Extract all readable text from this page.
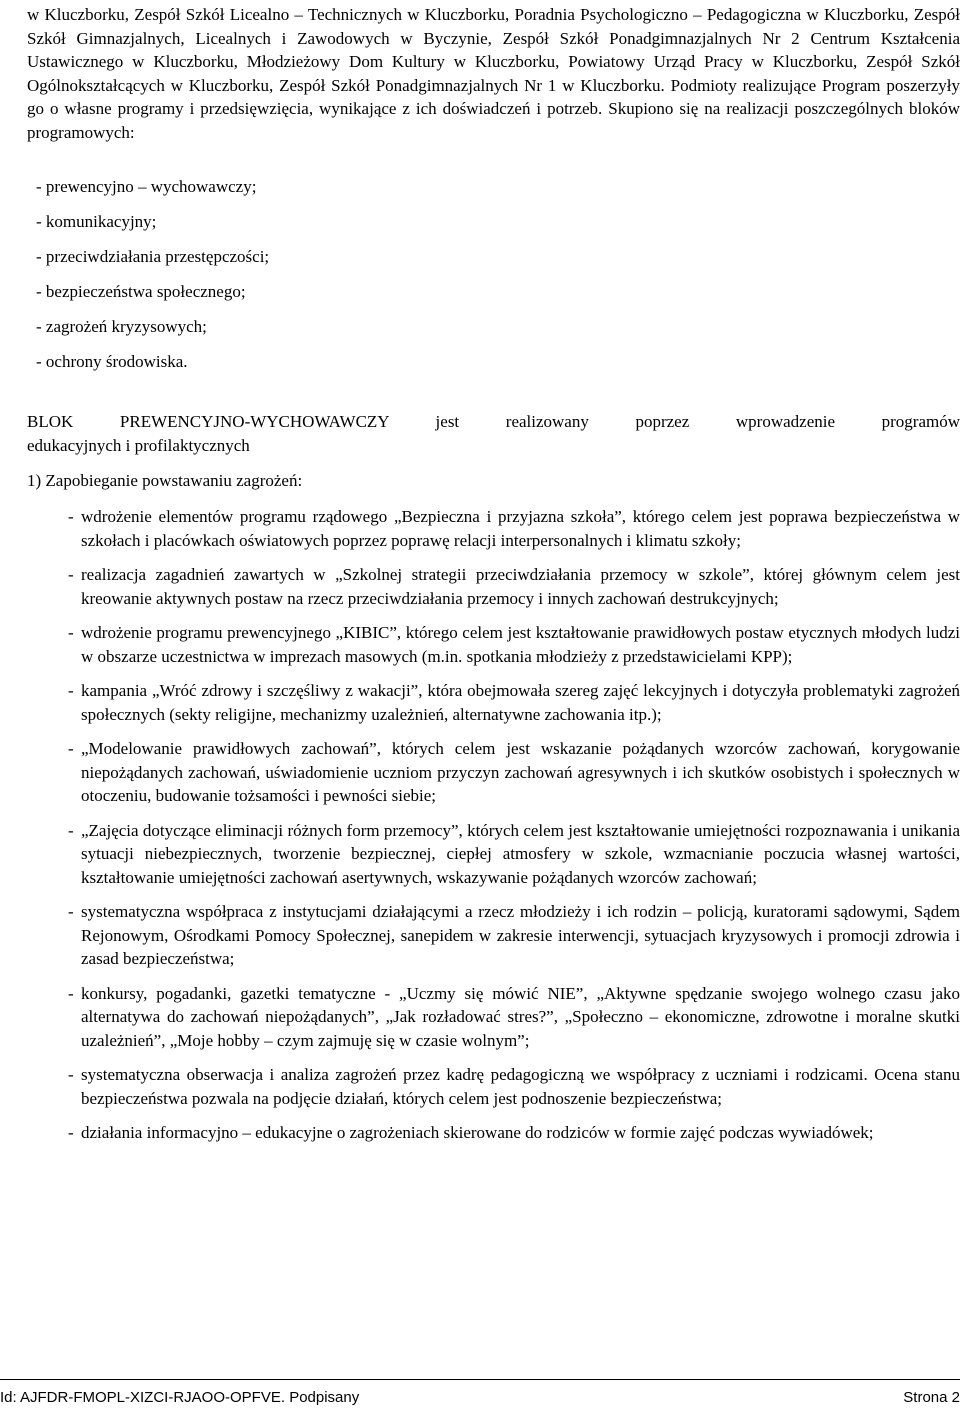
w Kluczborku, Zespół Szkół Licealno – Technicznych w Kluczborku, Poradnia Psychologiczno – Pedagogiczna w Kluczborku, Zespół Szkół Gimnazjalnych, Licealnych i Zawodowych w Byczynie, Zespół Szkół Ponadgimnazjalnych Nr 2 Centrum Kształcenia Ustawicznego w Kluczborku, Młodzieżowy Dom Kultury w Kluczborku, Powiatowy Urząd Pracy w Kluczborku, Zespół Szkół Ogólnokształcących w Kluczborku, Zespół Szkół Ponadgimnazjalnych Nr 1 w Kluczborku. Podmioty realizujące Program poszerzyły go o własne programy i przedsięwzięcia, wynikające z ich doświadczeń i potrzeb. Skupiono się na realizacji poszczególnych bloków programowych:

- prewencyjno – wychowawczy;
- komunikacyjny;
- przeciwdziałania przestępczości;
- bezpieczeństwa społecznego;
- zagrożeń kryzysowych;
- ochrony środowiska.

BLOK PREWENCYJNO-WYCHOWAWCZY jest realizowany poprzez wprowadzenie programów
edukacyjnych i profilaktycznych

1) Zapobieganie powstawaniu zagrożeń:

- wdrożenie elementów programu rządowego „Bezpieczna i przyjazna szkoła”, którego celem jest poprawa bezpieczeństwa w szkołach i placówkach oświatowych poprzez poprawę relacji interpersonalnych i klimatu szkoły;
- realizacja zagadnień zawartych w „Szkolnej strategii przeciwdziałania przemocy w szkole”, której głównym celem jest kreowanie aktywnych postaw na rzecz przeciwdziałania przemocy i innych zachowań destrukcyjnych;
- wdrożenie programu prewencyjnego „KIBIC”, którego celem jest kształtowanie prawidłowych postaw etycznych młodych ludzi w obszarze uczestnictwa w imprezach masowych (m.in. spotkania młodzieży z przedstawicielami KPP);
- kampania „Wróć zdrowy i szczęśliwy z wakacji”, która obejmowała szereg zajęć lekcyjnych i dotyczyła problematyki zagrożeń społecznych (sekty religijne, mechanizmy uzależnień, alternatywne zachowania itp.);
- „Modelowanie prawidłowych zachowań”, których celem jest wskazanie pożądanych wzorców zachowań, korygowanie niepożądanych zachowań, uświadomienie uczniom przyczyn zachowań agresywnych i ich skutków osobistych i społecznych w otoczeniu, budowanie tożsamości i pewności siebie;
- „Zajęcia dotyczące eliminacji różnych form przemocy”, których celem jest kształtowanie umiejętności rozpoznawania i unikania sytuacji niebezpiecznych, tworzenie bezpiecznej, ciepłej atmosfery w szkole, wzmacnianie poczucia własnej wartości, kształtowanie umiejętności zachowań asertywnych, wskazywanie pożądanych wzorców zachowań;
- systematyczna współpraca z instytucjami działającymi a rzecz młodzieży i ich rodzin – policją, kuratorami sądowymi, Sądem Rejonowym, Ośrodkami Pomocy Społecznej, sanepidem w zakresie interwencji, sytuacjach kryzysowych i promocji zdrowia i zasad bezpieczeństwa;
- konkursy, pogadanki, gazetki tematyczne - „Uczmy się mówić NIE”, „Aktywne spędzanie swojego wolnego czasu jako alternatywa do zachowań niepożądanych”, „Jak rozładować stres?”, „Społeczno – ekonomiczne, zdrowotne i moralne skutki uzależnień”, „Moje hobby – czym zajmuję się w czasie wolnym”;
- systematyczna obserwacja i analiza zagrożeń przez kadrę pedagogiczną we współpracy z uczniami i rodzicami. Ocena stanu bezpieczeństwa pozwala na podjęcie działań, których celem jest podnoszenie bezpieczeństwa;
- działania informacyjno – edukacyjne o zagrożeniach skierowane do rodziców w formie zajęć podczas wywiadówek;
Id: AJFDR-FMOPL-XIZCI-RJAOO-OPFVE. Podpisany	Strona 2
